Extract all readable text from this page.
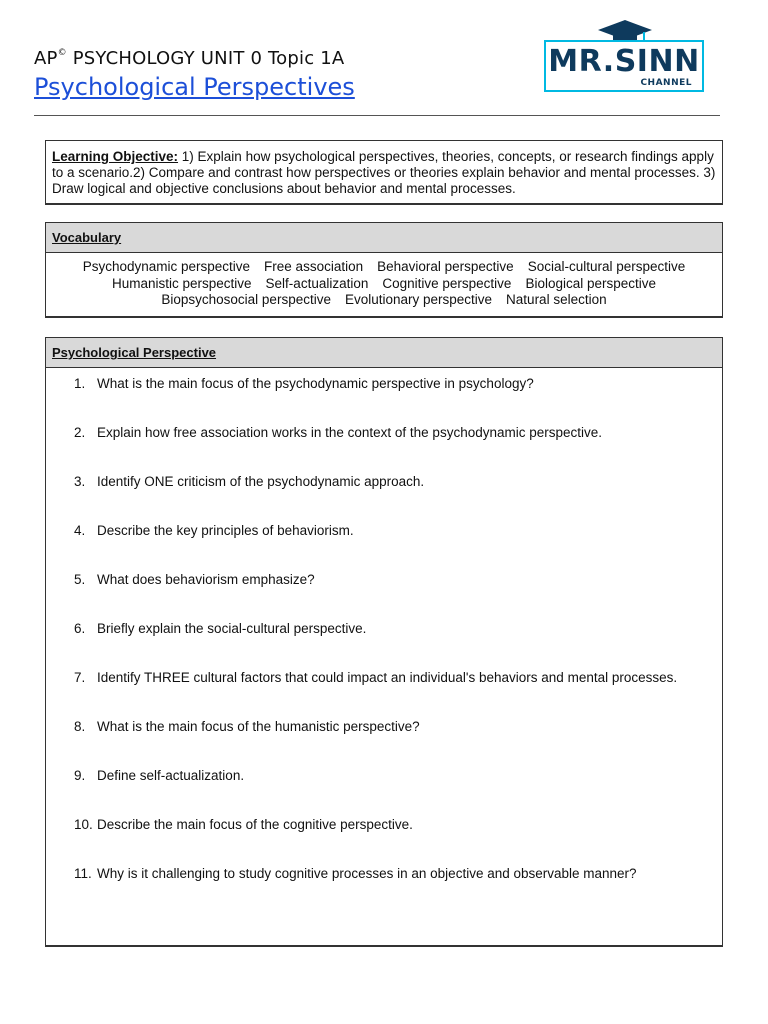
AP© PSYCHOLOGY UNIT 0 Topic 1A
Psychological Perspectives
MR.SINN
CHANNEL
Learning Objective: 1) Explain how psychological perspectives, theories, concepts, or research findings apply to a scenario.2) Compare and contrast how perspectives or theories explain behavior and mental processes. 3) Draw logical and objective conclusions about behavior and mental processes.
Vocabulary
Psychodynamic perspective Free association Behavioral perspective Social-cultural perspective
Humanistic perspective Self-actualization Cognitive perspective Biological perspective
Biopsychosocial perspective Evolutionary perspective Natural selection
Psychological Perspective
1. What is the main focus of the psychodynamic perspective in psychology?
2. Explain how free association works in the context of the psychodynamic perspective.
3. Identify ONE criticism of the psychodynamic approach.
4. Describe the key principles of behaviorism.
5. What does behaviorism emphasize?
6. Briefly explain the social-cultural perspective.
7. Identify THREE cultural factors that could impact an individual's behaviors and mental processes.
8. What is the main focus of the humanistic perspective?
9. Define self-actualization.
10. Describe the main focus of the cognitive perspective.
11. Why is it challenging to study cognitive processes in an objective and observable manner?
